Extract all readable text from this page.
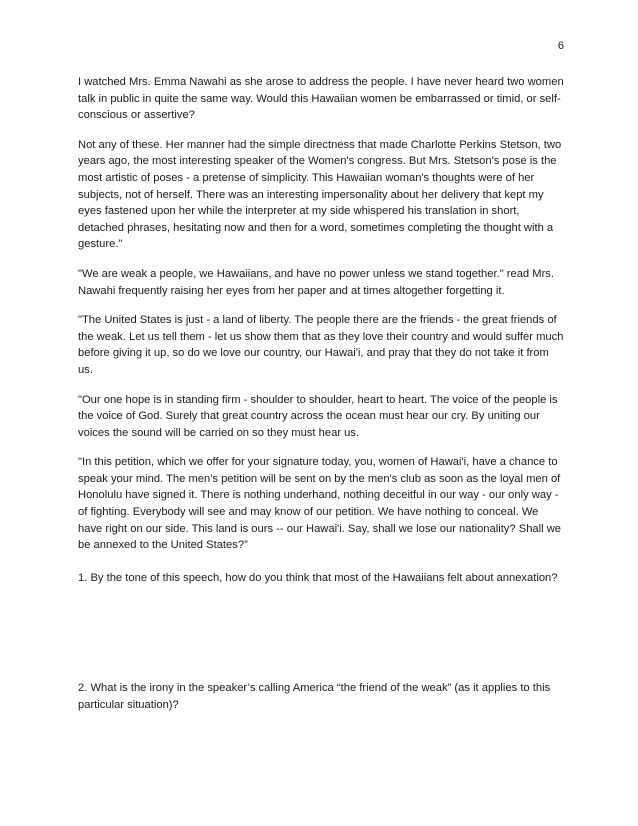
6

I watched Mrs. Emma Nawahi as she arose to address the people. I have never heard two women talk in public in quite the same way. Would this Hawaiian women be embarrassed or timid, or self-conscious or assertive?

Not any of these. Her manner had the simple directness that made Charlotte Perkins Stetson, two years ago, the most interesting speaker of the Women's congress. But Mrs. Stetson's pose is the most artistic of poses - a pretense of simplicity. This Hawaiian woman's thoughts were of her subjects, not of herself. There was an interesting impersonality about her delivery that kept my eyes fastened upon her while the interpreter at my side whispered his translation in short, detached phrases, hesitating now and then for a word, sometimes completing the thought with a gesture."

"We are weak a people, we Hawaiians, and have no power unless we stand together." read Mrs. Nawahi frequently raising her eyes from her paper and at times altogether forgetting it.

"The United States is just - a land of liberty. The people there are the friends - the great friends of the weak. Let us tell them - let us show them that as they love their country and would suffer much before giving it up, so do we love our country, our Hawai'i, and pray that they do not take it from us.

"Our one hope is in standing firm - shoulder to shoulder, heart to heart. The voice of the people is the voice of God. Surely that great country across the ocean must hear our cry. By uniting our voices the sound will be carried on so they must hear us.

"In this petition, which we offer for your signature today, you, women of Hawai'i, have a chance to speak your mind. The men's petition will be sent on by the men's club as soon as the loyal men of Honolulu have signed it. There is nothing underhand, nothing deceitful in our way - our only way - of fighting. Everybody will see and may know of our petition. We have nothing to conceal. We have right on our side. This land is ours -- our Hawai'i. Say, shall we lose our nationality? Shall we be annexed to the United States?”

1. By the tone of this speech, how do you think that most of the Hawaiians felt about annexation?

2. What is the irony in the speaker’s calling America “the friend of the weak” (as it applies to this particular situation)?
